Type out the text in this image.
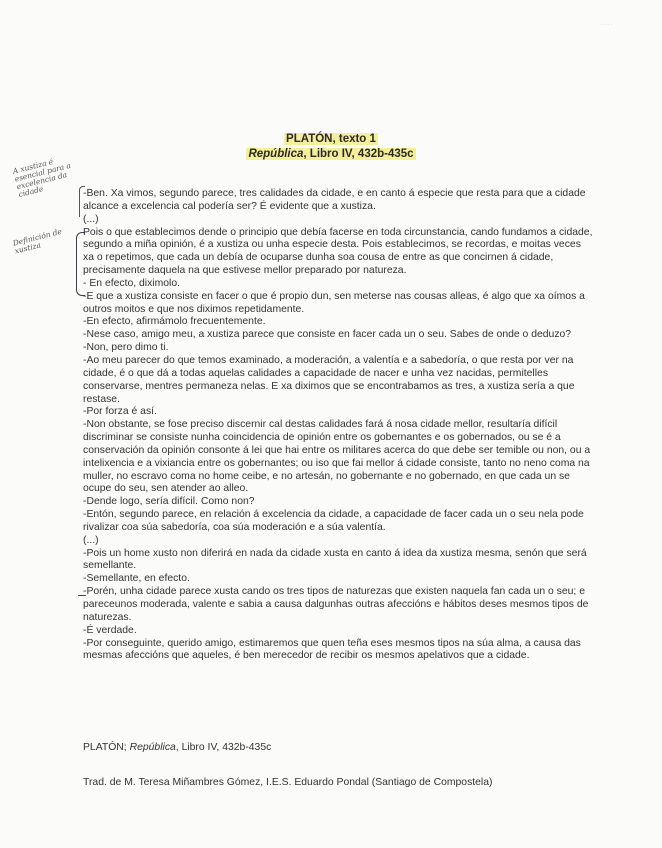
· · · ·
PLATÓN, texto 1
República, Libro IV, 432b-435c
A xustiza é esencial para a excelencia da cidade
Definición de xustiza

-Ben. Xa vimos, segundo parece, tres calidades da cidade, e en canto á especie que resta para que a cidade alcance a excelencia cal podería ser? É evidente que a xustiza.

(...)

Pois o que establecimos dende o principio que debía facerse en toda circunstancia, cando fundamos a cidade, segundo a miña opinión, é a xustiza ou unha especie desta. Pois establecimos, se recordas, e moitas veces xa o repetimos, que cada un debía de ocuparse dunha soa cousa de entre as que concirnen á cidade, precisamente daquela na que estivese mellor preparado por natureza.

- En efecto, diximolo.

-E que a xustiza consiste en facer o que é propio dun, sen meterse nas cousas alleas, é algo que xa oímos a outros moitos e que nos diximos repetidamente.

-En efecto, afirmámolo frecuentemente.

-Nese caso, amigo meu, a xustiza parece que consiste en facer cada un o seu. Sabes de onde o deduzo?

-Non, pero dimo ti.

-Ao meu parecer do que temos examinado, a moderación, a valentía e a sabedoría, o que resta por ver na cidade, é o que dá a todas aquelas calidades a capacidade de nacer e unha vez nacidas, permitelles conservarse, mentres permaneza nelas. E xa diximos que se encontrabamos as tres, a xustiza sería a que restase.

-Por forza é así.

-Non obstante, se fose preciso discernir cal destas calidades fará á nosa cidade mellor, resultaría difícil discriminar se consiste nunha coincidencia de opinión entre os gobernantes e os gobernados, ou se é a conservación da opinión consonte á lei que hai entre os militares acerca do que debe ser temible ou non, ou a intelixencia e a vixiancia entre os gobernantes; ou iso que fai mellor á cidade consiste, tanto no neno coma na muller, no escravo coma no home ceibe, e no artesán, no gobernante e no gobernado, en que cada un se ocupe do seu, sen atender ao alleo.

-Dende logo, sería difícil. Como non?

-Entón, segundo parece, en relación á excelencia da cidade, a capacidade de facer cada un o seu nela pode rivalizar coa súa sabedoría, coa súa moderación e a súa valentía.

(...)

-Pois un home xusto non diferirá en nada da cidade xusta en canto á idea da xustiza mesma, senón que será semellante.

-Semellante, en efecto.

-Porén, unha cidade parece xusta cando os tres tipos de naturezas que existen naquela fan cada un o seu; e pareceunos moderada, valente e sabia a causa dalgunhas outras afeccións e hábitos deses mesmos tipos de naturezas.

-É verdade.

-Por conseguinte, querido amigo, estimaremos que quen teña eses mesmos tipos na súa alma, a causa das mesmas afeccións que aqueles, é ben merecedor de recibir os mesmos apelativos que a cidade.

PLATÓN; República, Libro IV, 432b-435c
Trad. de M. Teresa Miñambres Gómez, I.E.S. Eduardo Pondal (Santiago de Compostela)
